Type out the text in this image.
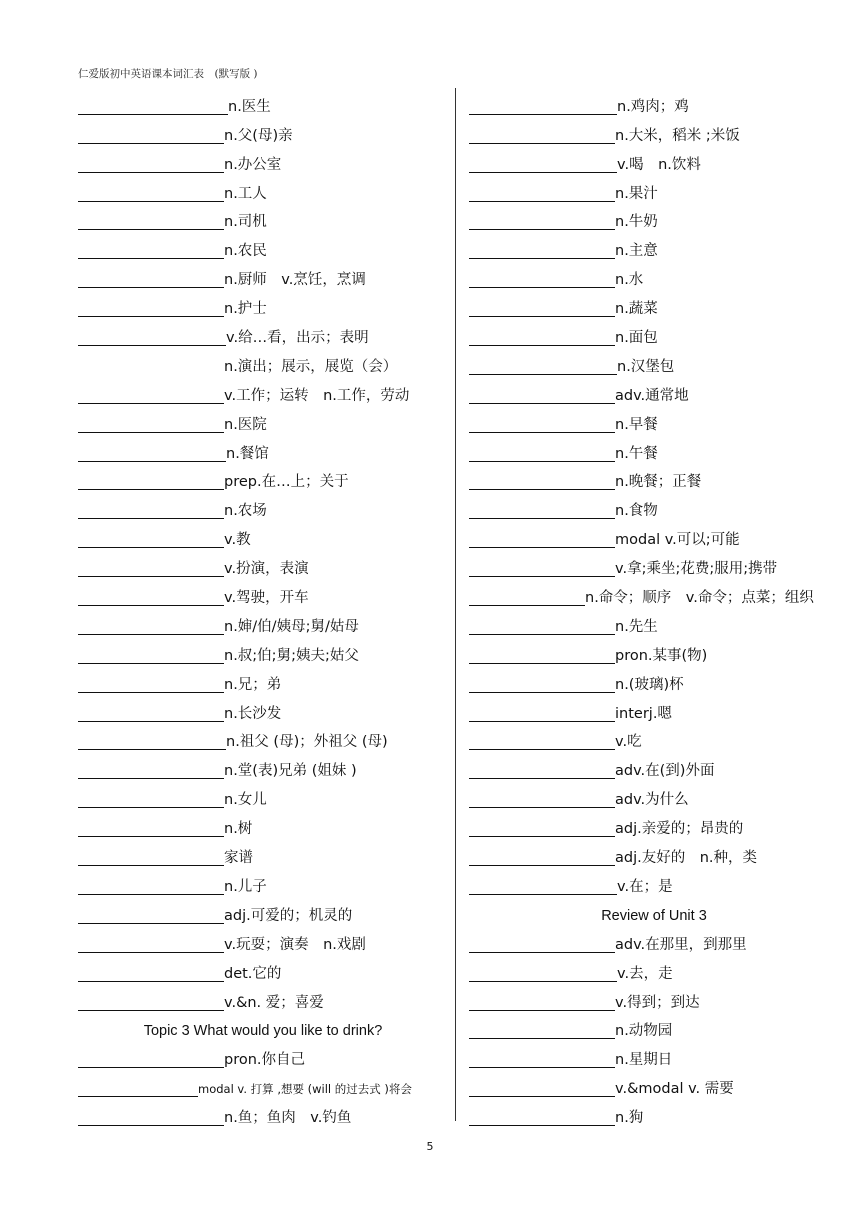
仁爱版初中英语课本词汇表　(默写版 )
n.医生
n.父(母)亲
n.办公室
n.工人
n.司机
n.农民
n.厨师　v.烹饪，烹调
n.护士
v.给…看，出示；表明
n.演出；展示，展览（会）
v.工作；运转　n.工作，劳动
n.医院
n.餐馆
prep.在…上；关于
n.农场
v.教
v.扮演，表演
v.驾驶，开车
n.婶/伯/姨母;舅/姑母
n.叔;伯;舅;姨夫;姑父
n.兄；弟
n.长沙发
n.祖父 (母)；外祖父 (母)
n.堂(表)兄弟 (姐妹 )
n.女儿
n.树
家谱
n.儿子
adj.可爱的；机灵的
v.玩耍；演奏　n.戏剧
det.它的
v.&n. 爱；喜爱
Topic 3 What would you like to drink?
pron.你自己
modal v. 打算 ,想要 (will 的过去式 )将会
n.鱼；鱼肉　v.钓鱼
n.鸡肉；鸡
n.大米，稻米 ;米饭
v.喝　n.饮料
n.果汁
n.牛奶
n.主意
n.水
n.蔬菜
n.面包
n.汉堡包
adv.通常地
n.早餐
n.午餐
n.晚餐；正餐
n.食物
modal v.可以;可能
v.拿;乘坐;花费;服用;携带
n.命令；顺序　v.命令；点菜；组织
n.先生
pron.某事(物)
n.(玻璃)杯
interj.嗯
v.吃
adv.在(到)外面
adv.为什么
adj.亲爱的；昂贵的
adj.友好的　n.种，类
v.在；是
Review of Unit 3
adv.在那里，到那里
v.去，走
v.得到；到达
n.动物园
n.星期日
v.&modal v. 需要
n.狗
5
